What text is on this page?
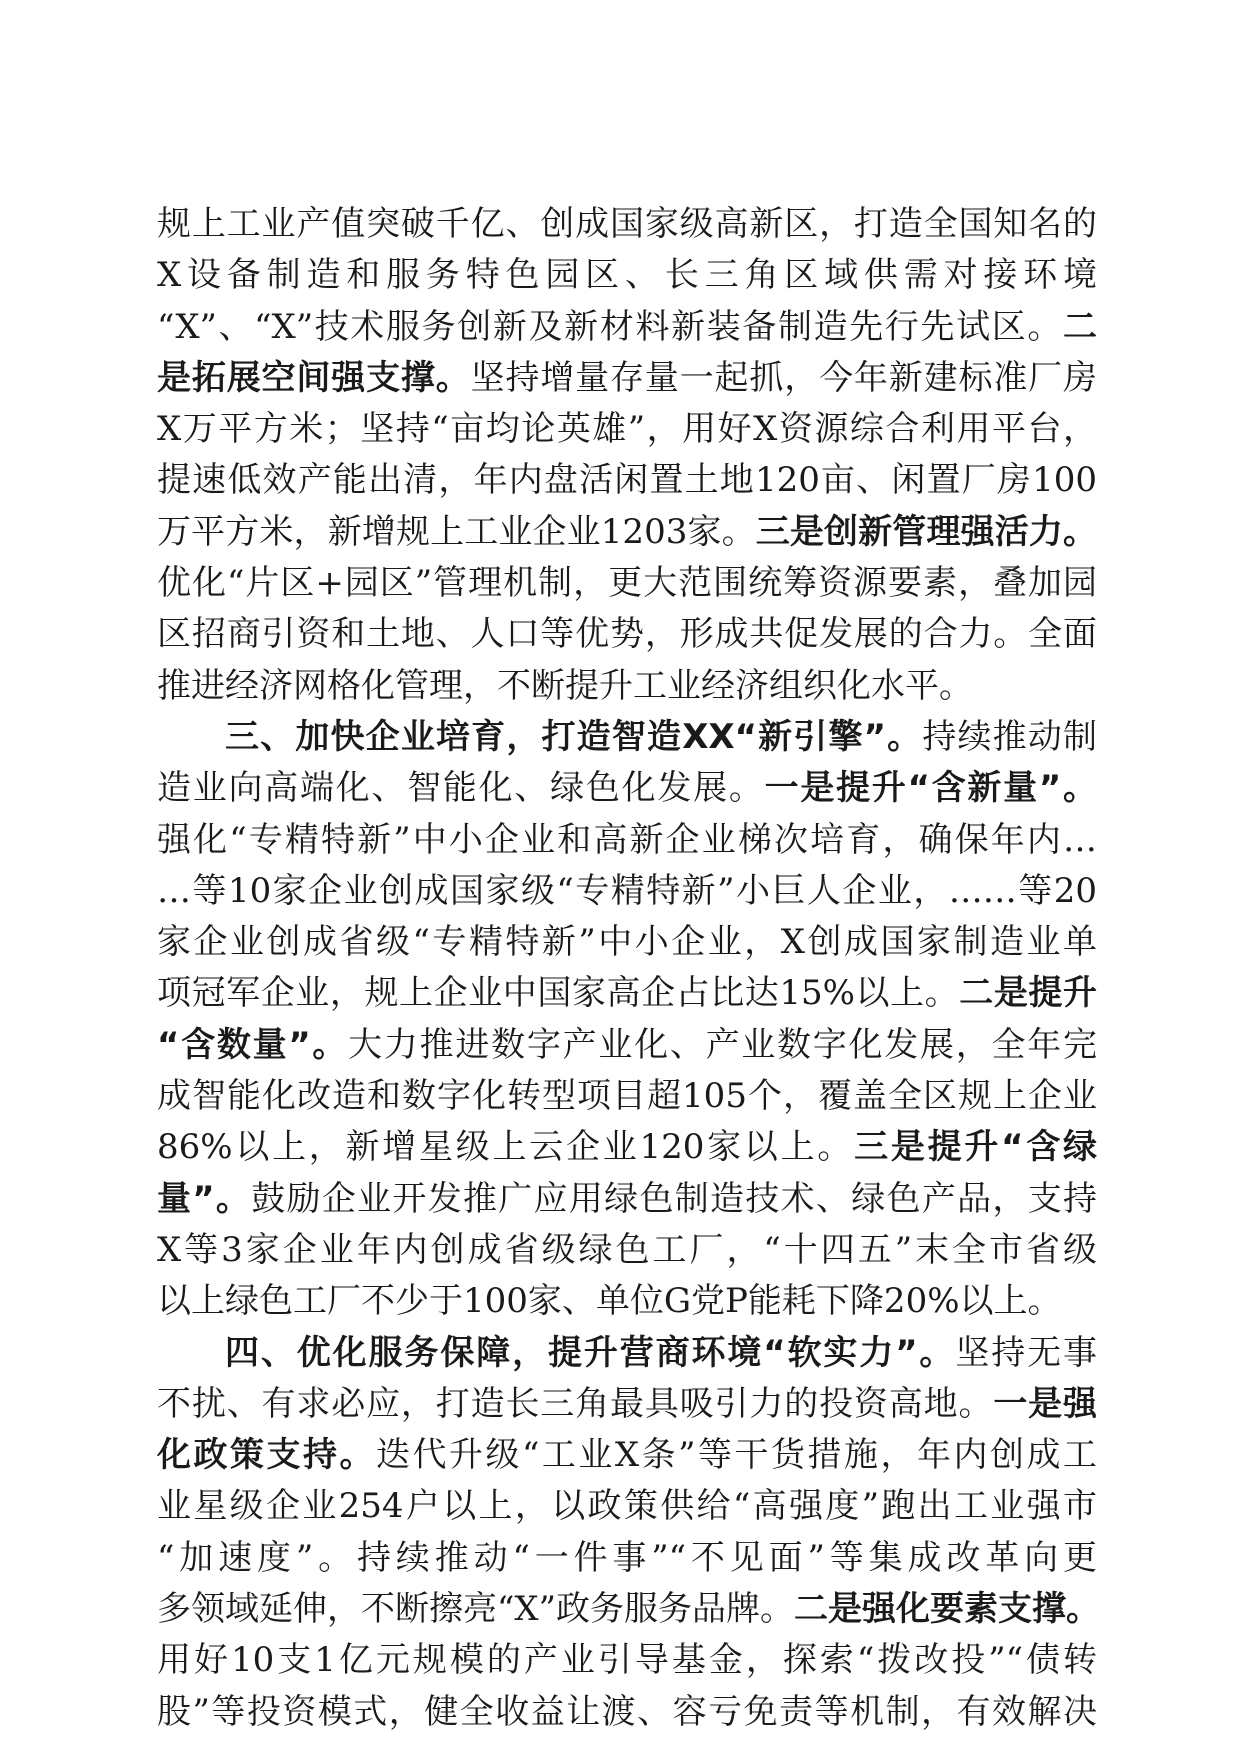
规上工业产值突破千亿、创成国家级高新区，打造全国知名的
X设备制造和服务特色园区、长三角区域供需对接环境
“X”、“X”技术服务创新及新材料新装备制造先行先试区。二
是拓展空间强支撑。坚持增量存量一起抓，今年新建标准厂房
X万平方米；坚持“亩均论英雄”，用好X资源综合利用平台，
提速低效产能出清，年内盘活闲置土地120亩、闲置厂房100
万平方米，新增规上工业企业1203家。三是创新管理强活力。
优化“片区+园区”管理机制，更大范围统筹资源要素，叠加园
区招商引资和土地、人口等优势，形成共促发展的合力。全面
推进经济网格化管理，不断提升工业经济组织化水平。
三、加快企业培育，打造智造XX“新引擎”。持续推动制
造业向高端化、智能化、绿色化发展。一是提升“含新量”。
强化“专精特新”中小企业和高新企业梯次培育，确保年内…
…等10家企业创成国家级“专精特新”小巨人企业，……等20
家企业创成省级“专精特新”中小企业，X创成国家制造业单
项冠军企业，规上企业中国家高企占比达15%以上。二是提升
“含数量”。大力推进数字产业化、产业数字化发展，全年完
成智能化改造和数字化转型项目超105个，覆盖全区规上企业
86%以上，新增星级上云企业120家以上。三是提升“含绿
量”。鼓励企业开发推广应用绿色制造技术、绿色产品，支持
X等3家企业年内创成省级绿色工厂，“十四五”末全市省级
以上绿色工厂不少于100家、单位G党P能耗下降20%以上。
四、优化服务保障，提升营商环境“软实力”。坚持无事
不扰、有求必应，打造长三角最具吸引力的投资高地。一是强
化政策支持。迭代升级“工业X条”等干货措施，年内创成工
业星级企业254户以上，以政策供给“高强度”跑出工业强市
“加速度”。持续推动“一件事”“不见面”等集成改革向更
多领域延伸，不断擦亮“X”政务服务品牌。二是强化要素支撑。
用好10支1亿元规模的产业引导基金，探索“拨改投”“债转
股”等投资模式，健全收益让渡、容亏免责等机制，有效解决
